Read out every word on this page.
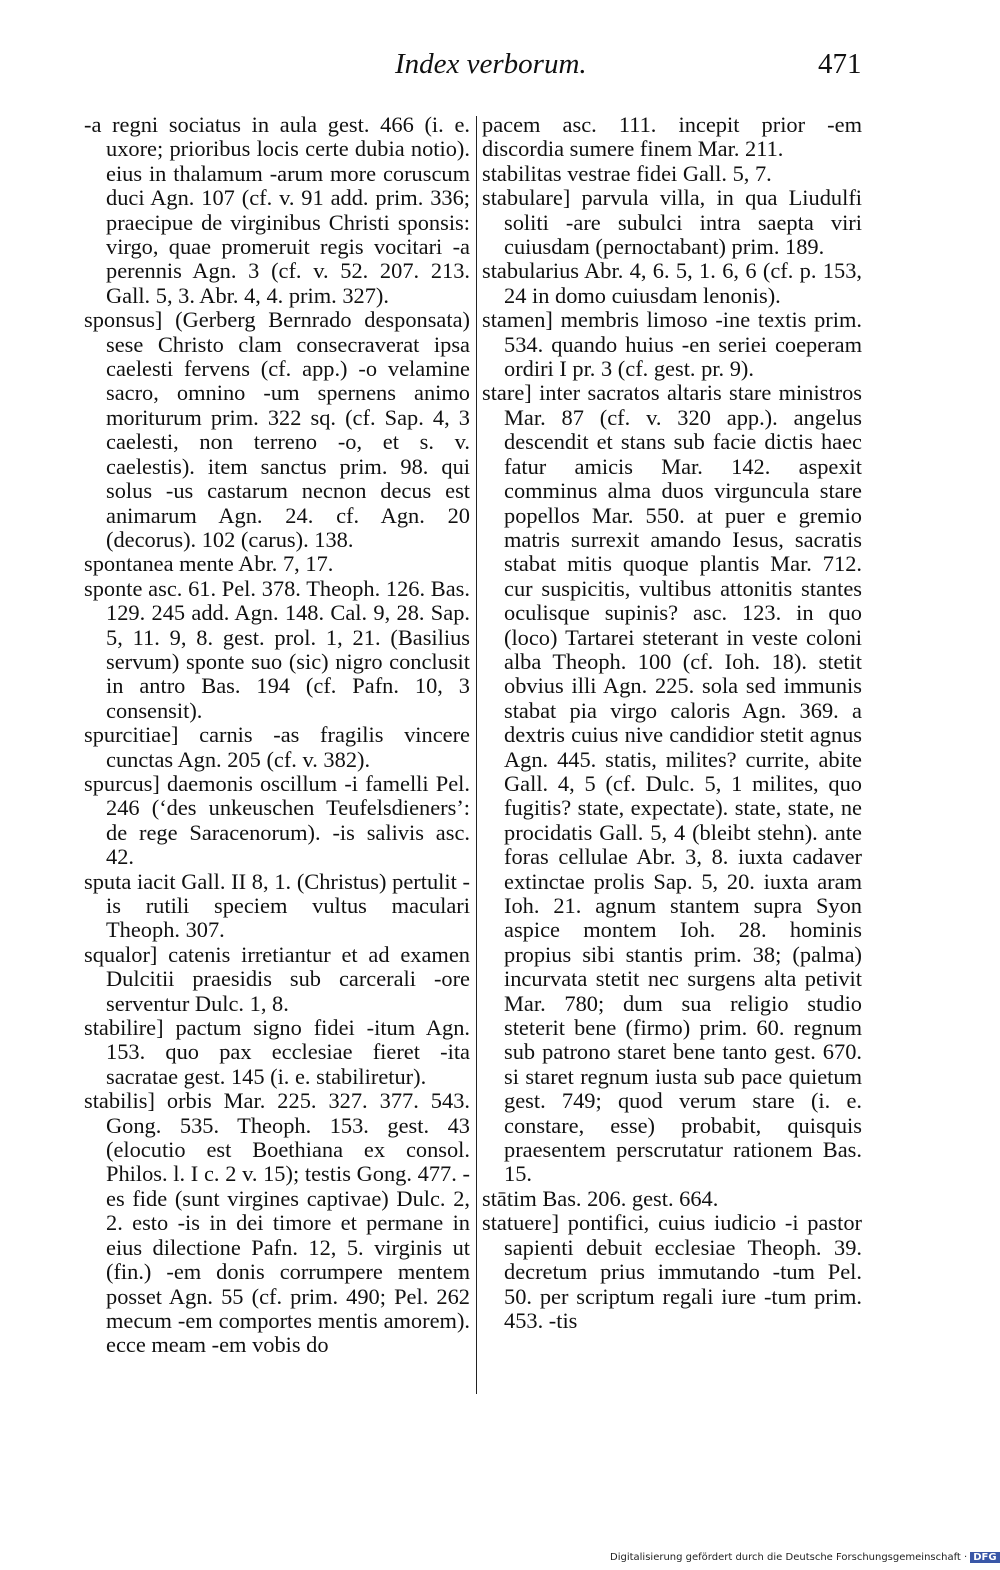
Index verborum.	471

-a regni sociatus in aula gest. 466 (i. e. uxore; prioribus locis certe dubia notio). eius in thalamum -arum more coruscum duci Agn. 107 (cf. v. 91 add. prim. 336; praecipue de virginibus Christi sponsis: virgo, quae promeruit regis vocitari -a perennis Agn. 3 (cf. v. 52. 207. 213. Gall. 5, 3. Abr. 4, 4. prim. 327).

sponsus] (Gerberg Bernrado desponsata) sese Christo clam consecraverat ipsa caelesti fervens (cf. app.) -o velamine sacro, omnino -um spernens animo moriturum prim. 322 sq. (cf. Sap. 4, 3 caelesti, non terreno -o, et s. v. caelestis). item sanctus prim. 98. qui solus -us castarum necnon decus est animarum Agn. 24. cf. Agn. 20 (decorus). 102 (carus). 138.

spontanea mente Abr. 7, 17.

sponte asc. 61. Pel. 378. Theoph. 126. Bas. 129. 245 add. Agn. 148. Cal. 9, 28. Sap. 5, 11. 9, 8. gest. prol. 1, 21. (Basilius servum) sponte suo (sic) nigro conclusit in antro Bas. 194 (cf. Pafn. 10, 3 consensit).

spurcitiae] carnis -as fragilis vincere cunctas Agn. 205 (cf. v. 382).

spurcus] daemonis oscillum -i famelli Pel. 246 (‘des unkeuschen Teufelsdieners’: de rege Saracenorum). -is salivis asc. 42.

sputa iacit Gall. II 8, 1. (Christus) pertulit -is rutili speciem vultus maculari Theoph. 307.

squalor] catenis irretiantur et ad examen Dulcitii praesidis sub carcerali -ore serventur Dulc. 1, 8.

stabilire] pactum signo fidei -itum Agn. 153. quo pax ecclesiae fieret -ita sacratae gest. 145 (i. e. stabiliretur).

stabilis] orbis Mar. 225. 327. 377. 543. Gong. 535. Theoph. 153. gest. 43 (elocutio est Boethiana ex consol. Philos. l. I c. 2 v. 15); testis Gong. 477. -es fide (sunt virgines captivae) Dulc. 2, 2. esto -is in dei timore et permane in eius dilectione Pafn. 12, 5. virginis ut (fin.) -em donis corrumpere mentem posset Agn. 55 (cf. prim. 490; Pel. 262 mecum -em comportes mentis amorem). ecce meam -em vobis do

pacem asc. 111. incepit prior -em discordia sumere finem Mar. 211.

stabilitas vestrae fidei Gall. 5, 7.

stabulare] parvula villa, in qua Liudulfi soliti -are subulci intra saepta viri cuiusdam (pernoctabant) prim. 189.

stabularius Abr. 4, 6. 5, 1. 6, 6 (cf. p. 153, 24 in domo cuiusdam lenonis).

stamen] membris limoso -ine textis prim. 534. quando huius -en seriei coeperam ordiri I pr. 3 (cf. gest. pr. 9).

stare] inter sacratos altaris stare ministros Mar. 87 (cf. v. 320 app.). angelus descendit et stans sub facie dictis haec fatur amicis Mar. 142. aspexit comminus alma duos virguncula stare popellos Mar. 550. at puer e gremio matris surrexit amando Iesus, sacratis stabat mitis quoque plantis Mar. 712. cur suspicitis, vultibus attonitis stantes oculisque supinis? asc. 123. in quo (loco) Tartarei steterant in veste coloni alba Theoph. 100 (cf. Ioh. 18). stetit obvius illi Agn. 225. sola sed immunis stabat pia virgo caloris Agn. 369. a dextris cuius nive candidior stetit agnus Agn. 445. statis, milites? currite, abite Gall. 4, 5 (cf. Dulc. 5, 1 milites, quo fugitis? state, expectate). state, state, ne procidatis Gall. 5, 4 (bleibt stehn). ante foras cellulae Abr. 3, 8. iuxta cadaver extinctae prolis Sap. 5, 20. iuxta aram Ioh. 21. agnum stantem supra Syon aspice montem Ioh. 28. hominis propius sibi stantis prim. 38; (palma) incurvata stetit nec surgens alta petivit Mar. 780; dum sua religio studio steterit bene (firmo) prim. 60. regnum sub patrono staret bene tanto gest. 670. si staret regnum iusta sub pace quietum gest. 749; quod verum stare (i. e. constare, esse) probabit, quisquis praesentem perscrutatur rationem Bas. 15.

stātim Bas. 206. gest. 664.

statuere] pontifici, cuius iudicio -i pastor sapienti debuit ecclesiae Theoph. 39. decretum prius immutando -tum Pel. 50. per scriptum regali iure -tum prim. 453. -tis

Digitalisierung gefördert durch die Deutsche Forschungsgemeinschaft · DFG
